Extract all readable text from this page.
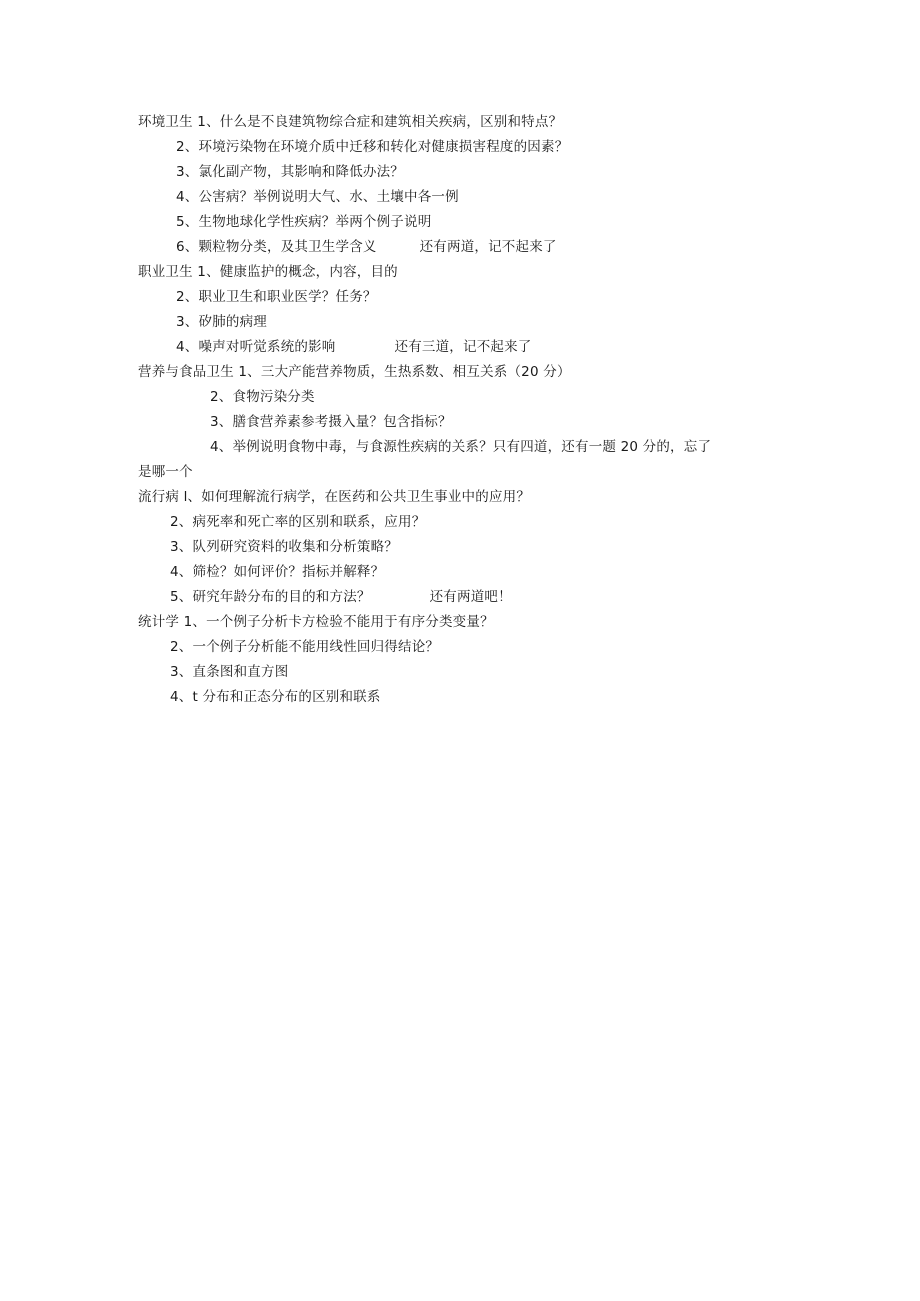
环境卫生 1、什么是不良建筑物综合症和建筑相关疾病，区别和特点？
2、环境污染物在环境介质中迁移和转化对健康损害程度的因素？
3、氯化副产物，其影响和降低办法？
4、公害病？举例说明大气、水、土壤中各一例
5、生物地球化学性疾病？举两个例子说明
6、颗粒物分类，及其卫生学含义	还有两道，记不起来了
职业卫生 1、健康监护的概念，内容，目的
2、职业卫生和职业医学？任务？
3、矽肺的病理
4、噪声对听觉系统的影响	还有三道，记不起来了
营养与食品卫生 1、三大产能营养物质，生热系数、相互关系（20 分）
2、食物污染分类
3、膳食营养素参考摄入量？包含指标？
4、举例说明食物中毒，与食源性疾病的关系？只有四道，还有一题 20 分的，忘了
是哪一个
流行病 l、如何理解流行病学，在医药和公共卫生事业中的应用？
2、病死率和死亡率的区别和联系，应用？
3、队列研究资料的收集和分析策略？
4、筛检？如何评价？指标并解释？
5、研究年龄分布的目的和方法？	还有两道吧！
统计学 1、一个例子分析卡方检验不能用于有序分类变量？
2、一个例子分析能不能用线性回归得结论？
3、直条图和直方图
4、t 分布和正态分布的区别和联系
